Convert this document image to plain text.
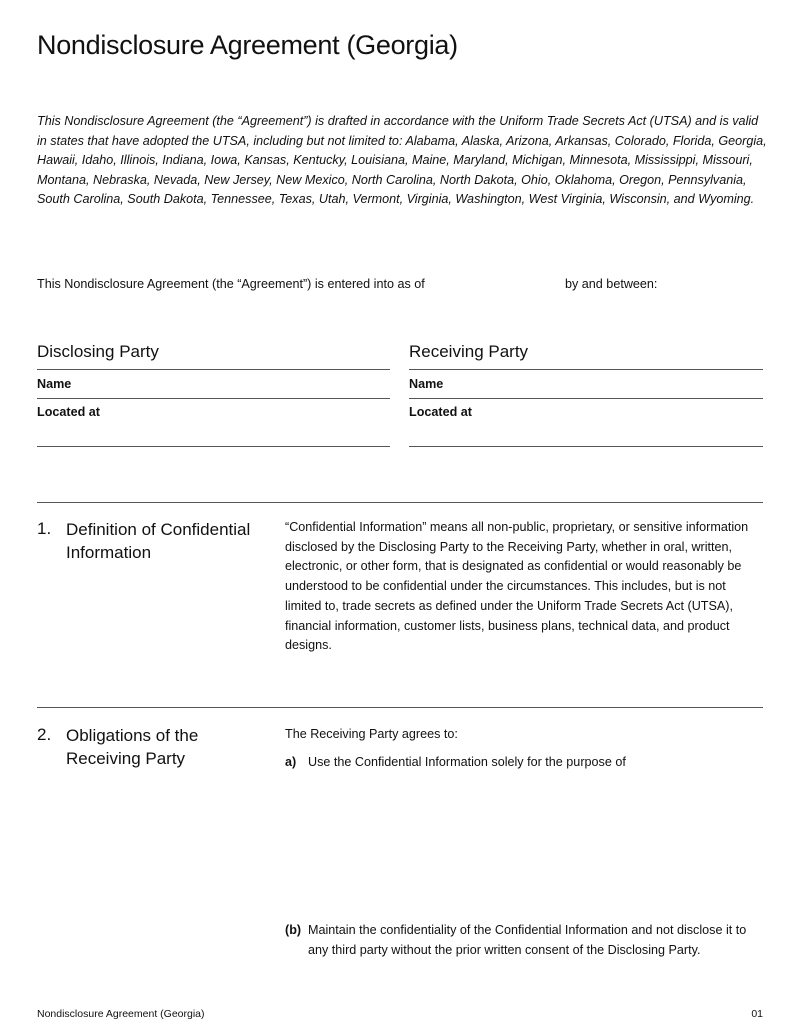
Nondisclosure Agreement (Georgia)
This Nondisclosure Agreement (the “Agreement”) is drafted in accordance with the Uniform Trade Secrets Act (UTSA) and is valid in states that have adopted the UTSA, including but not limited to: Alabama, Alaska, Arizona, Arkansas, Colorado, Florida, Georgia, Hawaii, Idaho, Illinois, Indiana, Iowa, Kansas, Kentucky, Louisiana, Maine, Maryland, Michigan, Minnesota, Mississippi, Missouri, Montana, Nebraska, Nevada, New Jersey, New Mexico, North Carolina, North Dakota, Ohio, Oklahoma, Oregon, Pennsylvania, South Carolina, South Dakota, Tennessee, Texas, Utah, Vermont, Virginia, Washington, West Virginia, Wisconsin, and Wyoming.
This Nondisclosure Agreement (the “Agreement”) is entered into as of	by and between:
Disclosing Party
Name
Located at
Receiving Party
Name
Located at
1. Definition of Confidential Information
“Confidential Information” means all non-public, proprietary, or sensitive information disclosed by the Disclosing Party to the Receiving Party, whether in oral, written, electronic, or other form, that is designated as confidential or would reasonably be understood to be confidential under the circumstances. This includes, but is not limited to, trade secrets as defined under the Uniform Trade Secrets Act (UTSA), financial information, customer lists, business plans, technical data, and product designs.
2. Obligations of the Receiving Party
The Receiving Party agrees to:
a) Use the Confidential Information solely for the purpose of
(b) Maintain the confidentiality of the Confidential Information and not disclose it to any third party without the prior written consent of the Disclosing Party.
Nondisclosure Agreement (Georgia)	01
